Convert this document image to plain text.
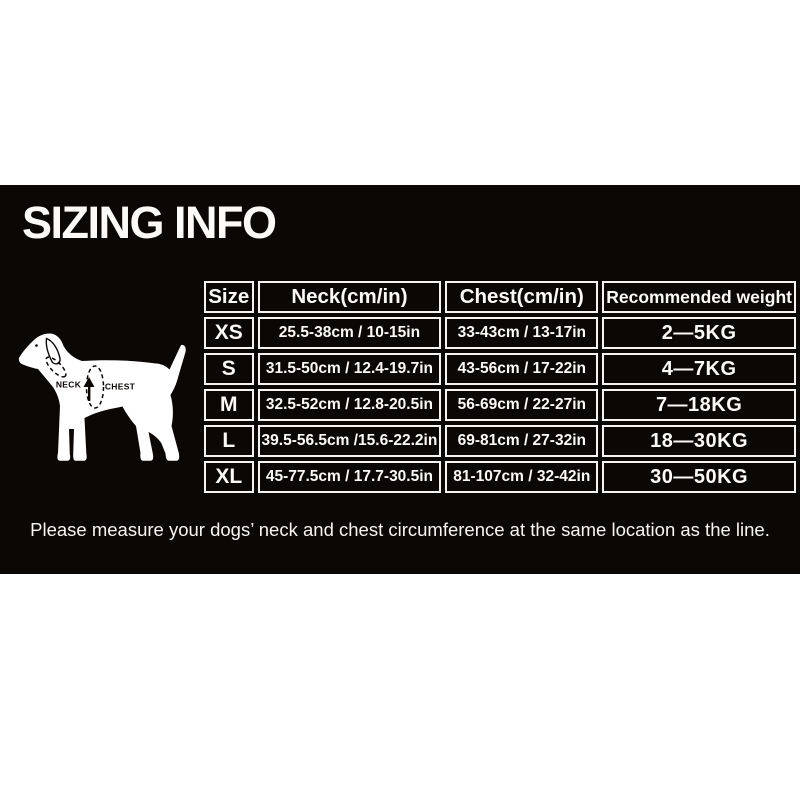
SIZING INFO
NECK	CHEST
Size	Neck(cm/in)	Chest(cm/in)	Recommended weight
XS	25.5-38cm / 10-15in	33-43cm / 13-17in	2—5KG
S	31.5-50cm / 12.4-19.7in	43-56cm / 17-22in	4—7KG
M	32.5-52cm / 12.8-20.5in	56-69cm / 22-27in	7—18KG
L	39.5-56.5cm /15.6-22.2in	69-81cm / 27-32in	18—30KG
XL	45-77.5cm / 17.7-30.5in	81-107cm / 32-42in	30—50KG
Please measure your dogs’ neck and chest circumference at the same location as the line.
